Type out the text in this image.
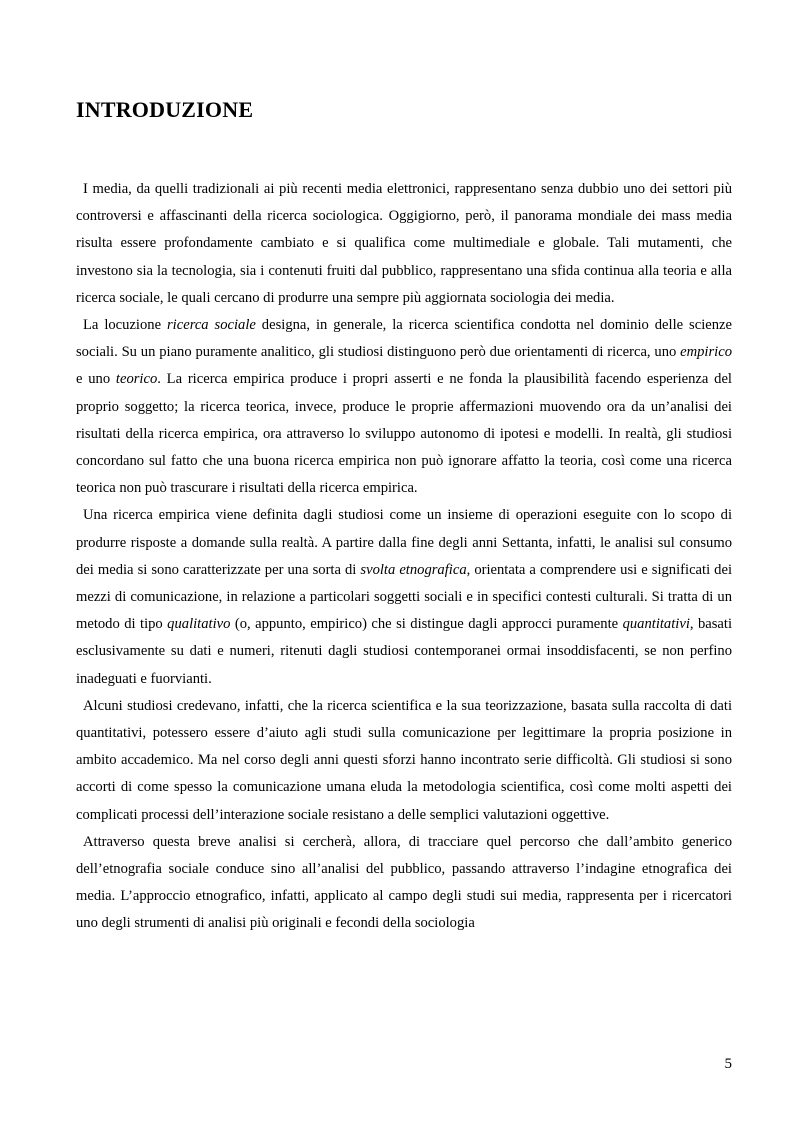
INTRODUZIONE

I media, da quelli tradizionali ai più recenti media elettronici, rappresentano senza dubbio uno dei settori più controversi e affascinanti della ricerca sociologica. Oggigiorno, però, il panorama mondiale dei mass media risulta essere profondamente cambiato e si qualifica come multimediale e globale. Tali mutamenti, che investono sia la tecnologia, sia i contenuti fruiti dal pubblico, rappresentano una sfida continua alla teoria e alla ricerca sociale, le quali cercano di produrre una sempre più aggiornata sociologia dei media.

La locuzione ricerca sociale designa, in generale, la ricerca scientifica condotta nel dominio delle scienze sociali. Su un piano puramente analitico, gli studiosi distinguono però due orientamenti di ricerca, uno empirico e uno teorico. La ricerca empirica produce i propri asserti e ne fonda la plausibilità facendo esperienza del proprio soggetto; la ricerca teorica, invece, produce le proprie affermazioni muovendo ora da un’analisi dei risultati della ricerca empirica, ora attraverso lo sviluppo autonomo di ipotesi e modelli. In realtà, gli studiosi concordano sul fatto che una buona ricerca empirica non può ignorare affatto la teoria, così come una ricerca teorica non può trascurare i risultati della ricerca empirica.

Una ricerca empirica viene definita dagli studiosi come un insieme di operazioni eseguite con lo scopo di produrre risposte a domande sulla realtà. A partire dalla fine degli anni Settanta, infatti, le analisi sul consumo dei media si sono caratterizzate per una sorta di svolta etnografica, orientata a comprendere usi e significati dei mezzi di comunicazione, in relazione a particolari soggetti sociali e in specifici contesti culturali. Si tratta di un metodo di tipo qualitativo (o, appunto, empirico) che si distingue dagli approcci puramente quantitativi, basati esclusivamente su dati e numeri, ritenuti dagli studiosi contemporanei ormai insoddisfacenti, se non perfino inadeguati e fuorvianti.

Alcuni studiosi credevano, infatti, che la ricerca scientifica e la sua teorizzazione, basata sulla raccolta di dati quantitativi, potessero essere d’aiuto agli studi sulla comunicazione per legittimare la propria posizione in ambito accademico. Ma nel corso degli anni questi sforzi hanno incontrato serie difficoltà. Gli studiosi si sono accorti di come spesso la comunicazione umana eluda la metodologia scientifica, così come molti aspetti dei complicati processi dell’interazione sociale resistano a delle semplici valutazioni oggettive.

Attraverso questa breve analisi si cercherà, allora, di tracciare quel percorso che dall’ambito generico dell’etnografia sociale conduce sino all’analisi del pubblico, passando attraverso l’indagine etnografica dei media. L’approccio etnografico, infatti, applicato al campo degli studi sui media, rappresenta per i ricercatori uno degli strumenti di analisi più originali e fecondi della sociologia

5
